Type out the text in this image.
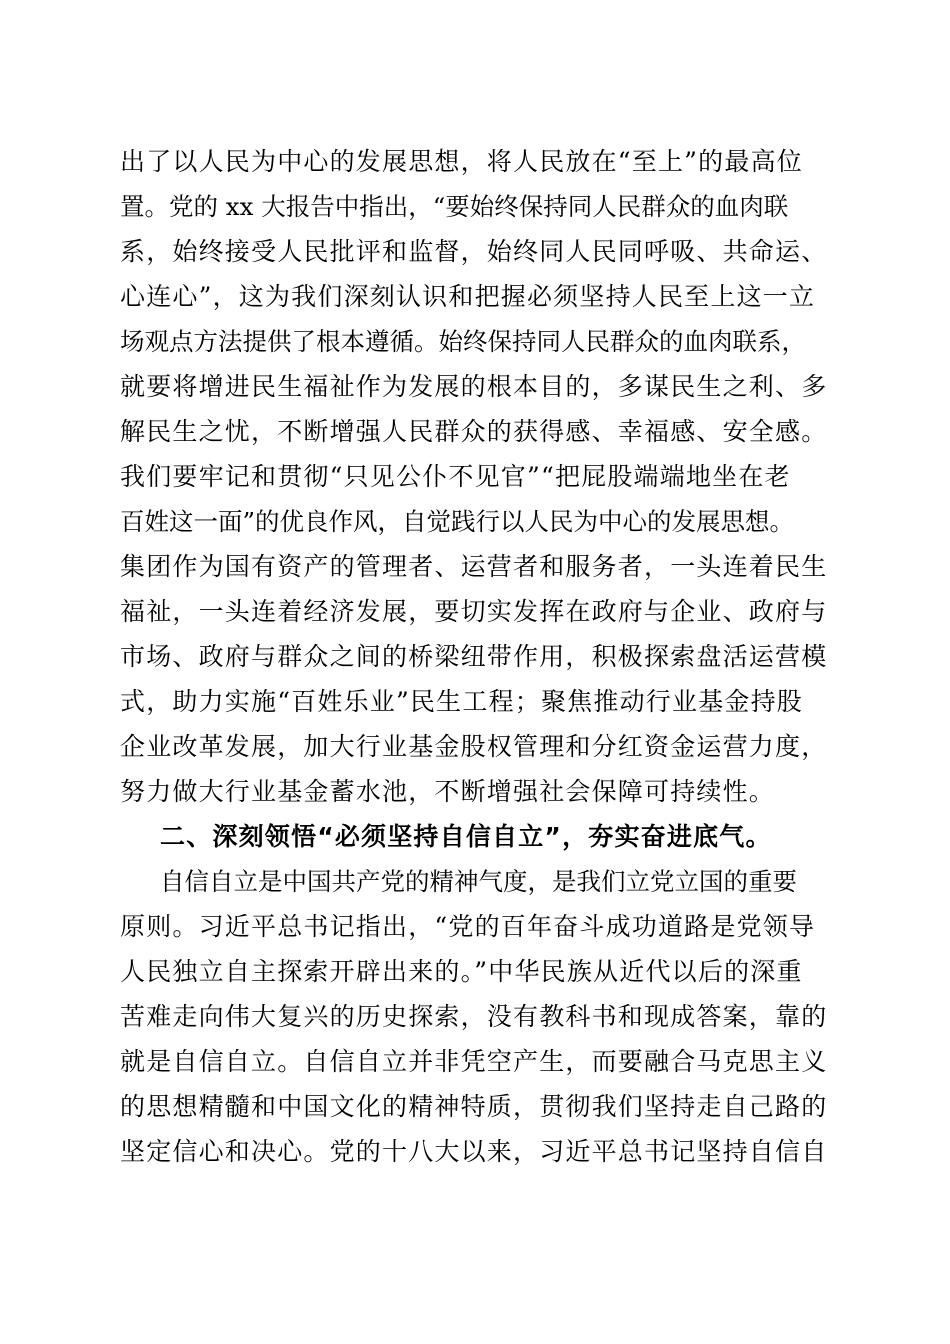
出了以人民为中心的发展思想，将人民放在“至上”的最高位
置。党的 xx 大报告中指出，“要始终保持同人民群众的血肉联
系，始终接受人民批评和监督，始终同人民同呼吸、共命运、
心连心”，这为我们深刻认识和把握必须坚持人民至上这一立
场观点方法提供了根本遵循。始终保持同人民群众的血肉联系，
就要将增进民生福祉作为发展的根本目的，多谋民生之利、多
解民生之忧，不断增强人民群众的获得感、幸福感、安全感。
我们要牢记和贯彻“只见公仆不见官”“把屁股端端地坐在老
百姓这一面”的优良作风，自觉践行以人民为中心的发展思想。
集团作为国有资产的管理者、运营者和服务者，一头连着民生
福祉，一头连着经济发展，要切实发挥在政府与企业、政府与
市场、政府与群众之间的桥梁纽带作用，积极探索盘活运营模
式，助力实施“百姓乐业”民生工程；聚焦推动行业基金持股
企业改革发展，加大行业基金股权管理和分红资金运营力度，
努力做大行业基金蓄水池，不断增强社会保障可持续性。
二、深刻领悟“必须坚持自信自立”，夯实奋进底气。
自信自立是中国共产党的精神气度，是我们立党立国的重要
原则。习近平总书记指出，“党的百年奋斗成功道路是党领导
人民独立自主探索开辟出来的。”中华民族从近代以后的深重
苦难走向伟大复兴的历史探索，没有教科书和现成答案，靠的
就是自信自立。自信自立并非凭空产生，而要融合马克思主义
的思想精髓和中国文化的精神特质，贯彻我们坚持走自己路的
坚定信心和决心。党的十八大以来，习近平总书记坚持自信自
